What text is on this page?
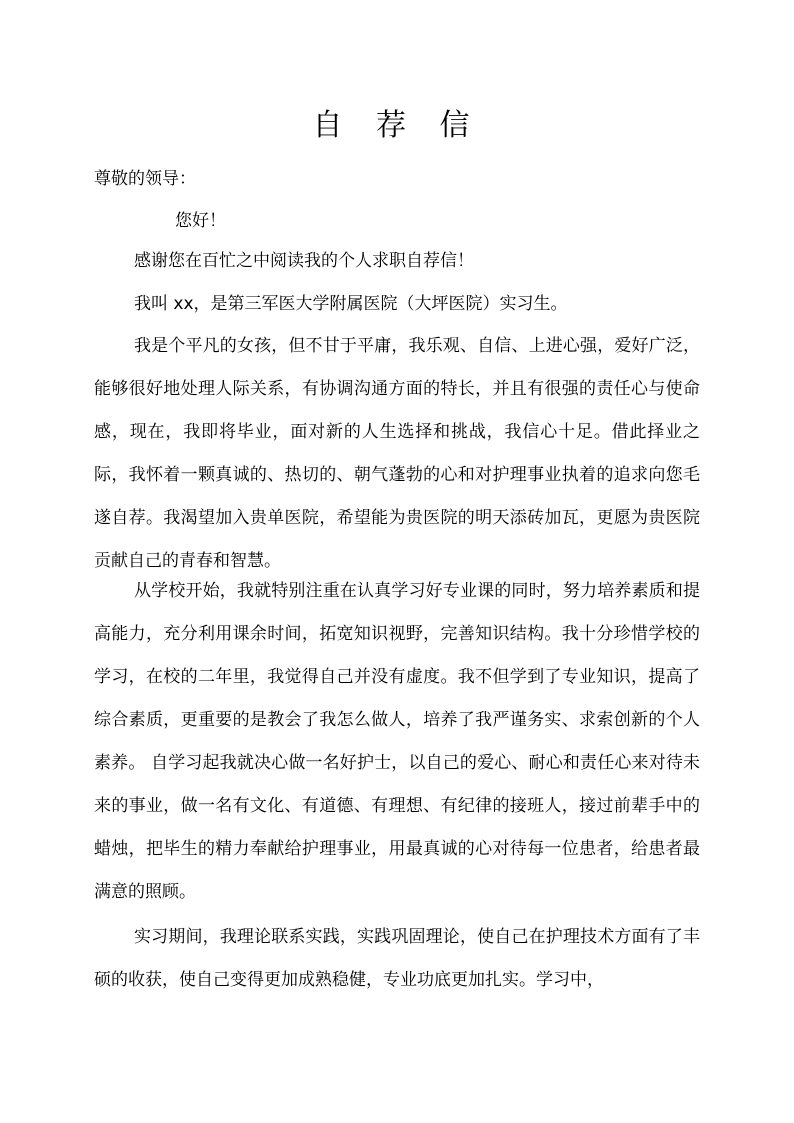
自 荐 信

尊敬的领导：

您好！

感谢您在百忙之中阅读我的个人求职自荐信！

我叫 xx，是第三军医大学附属医院（大坪医院）实习生。

我是个平凡的女孩，但不甘于平庸，我乐观、自信、上进心强，爱好广泛，能够很好地处理人际关系，有协调沟通方面的特长，并且有很强的责任心与使命感，现在，我即将毕业，面对新的人生选择和挑战，我信心十足。借此择业之际，我怀着一颗真诚的、热切的、朝气蓬勃的心和对护理事业执着的追求向您毛遂自荐。我渴望加入贵单医院，希望能为贵医院的明天添砖加瓦，更愿为贵医院贡献自己的青春和智慧。

从学校开始，我就特别注重在认真学习好专业课的同时，努力培养素质和提高能力，充分利用课余时间，拓宽知识视野，完善知识结构。我十分珍惜学校的学习，在校的二年里，我觉得自己并没有虚度。我不但学到了专业知识，提高了综合素质，更重要的是教会了我怎么做人，培养了我严谨务实、求索创新的个人素养。 自学习起我就决心做一名好护士，以自己的爱心、耐心和责任心来对待未来的事业，做一名有文化、有道德、有理想、有纪律的接班人，接过前辈手中的蜡烛，把毕生的精力奉献给护理事业，用最真诚的心对待每一位患者，给患者最满意的照顾。

实习期间，我理论联系实践，实践巩固理论，使自己在护理技术方面有了丰硕的收获，使自己变得更加成熟稳健，专业功底更加扎实。学习中，
